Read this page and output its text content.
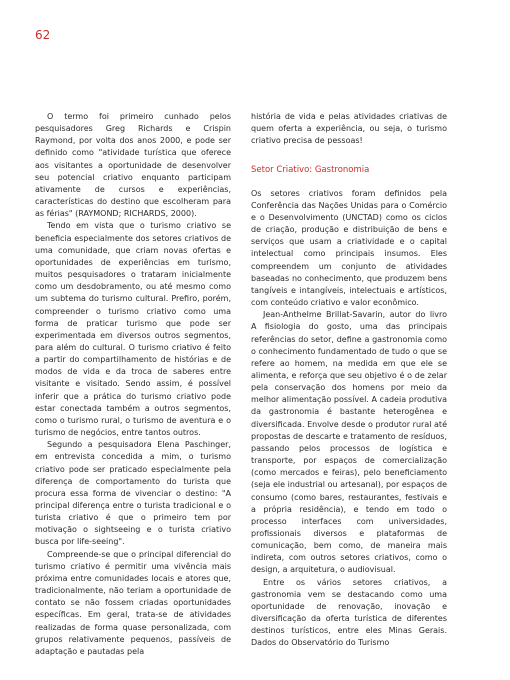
62

O termo foi primeiro cunhado pelos pesquisadores Greg Richards e Crispin Raymond, por volta dos anos 2000, e pode ser definido como "atividade turística que oferece aos visitantes a oportunidade de desenvolver seu potencial criativo enquanto participam ativamente de cursos e experiências, características do destino que escolheram para as férias" (RAYMOND; RICHARDS, 2000).

Tendo em vista que o turismo criativo se beneficia especialmente dos setores criativos de uma comunidade, que criam novas ofertas e oportunidades de experiências em turismo, muitos pesquisadores o trataram inicialmente como um desdobramento, ou até mesmo como um subtema do turismo cultural. Prefiro, porém, compreender o turismo criativo como uma forma de praticar turismo que pode ser experimentada em diversos outros segmentos, para além do cultural. O turismo criativo é feito a partir do compartilhamento de histórias e de modos de vida e da troca de saberes entre visitante e visitado. Sendo assim, é possível inferir que a prática do turismo criativo pode estar conectada também a outros segmentos, como o turismo rural, o turismo de aventura e o turismo de negócios, entre tantos outros.

Segundo a pesquisadora Elena Paschinger, em entrevista concedida a mim, o turismo criativo pode ser praticado especialmente pela diferença de comportamento do turista que procura essa forma de vivenciar o destino: "A principal diferença entre o turista tradicional e o turista criativo é que o primeiro tem por motivação o sightseeing e o turista criativo busca por life-seeing".

Compreende-se que o principal diferencial do turismo criativo é permitir uma vivência mais próxima entre comunidades locais e atores que, tradicionalmente, não teriam a oportunidade de contato se não fossem criadas oportunidades específicas. Em geral, trata-se de atividades realizadas de forma quase personalizada, com grupos relativamente pequenos, passíveis de adaptação e pautadas pela

história de vida e pelas atividades criativas de quem oferta a experiência, ou seja, o turismo criativo precisa de pessoas!

Setor Criativo: Gastronomia

Os setores criativos foram definidos pela Conferência das Nações Unidas para o Comércio e o Desenvolvimento (UNCTAD) como os ciclos de criação, produção e distribuição de bens e serviços que usam a criatividade e o capital intelectual como principais insumos. Eles compreendem um conjunto de atividades baseadas no conhecimento, que produzem bens tangíveis e intangíveis, intelectuais e artísticos, com conteúdo criativo e valor econômico.

Jean-Anthelme Brillat-Savarin, autor do livro A fisiologia do gosto, uma das principais referências do setor, define a gastronomia como o conhecimento fundamentado de tudo o que se refere ao homem, na medida em que ele se alimenta, e reforça que seu objetivo é o de zelar pela conservação dos homens por meio da melhor alimentação possível. A cadeia produtiva da gastronomia é bastante heterogênea e diversificada. Envolve desde o produtor rural até propostas de descarte e tratamento de resíduos, passando pelos processos de logística e transporte, por espaços de comercialização (como mercados e feiras), pelo beneficiamento (seja ele industrial ou artesanal), por espaços de consumo (como bares, restaurantes, festivais e a própria residência), e tendo em todo o processo interfaces com universidades, profissionais diversos e plataformas de comunicação, bem como, de maneira mais indireta, com outros setores criativos, como o design, a arquitetura, o audiovisual.

Entre os vários setores criativos, a gastronomia vem se destacando como uma oportunidade de renovação, inovação e diversificação da oferta turística de diferentes destinos turísticos, entre eles Minas Gerais. Dados do Observatório do Turismo
